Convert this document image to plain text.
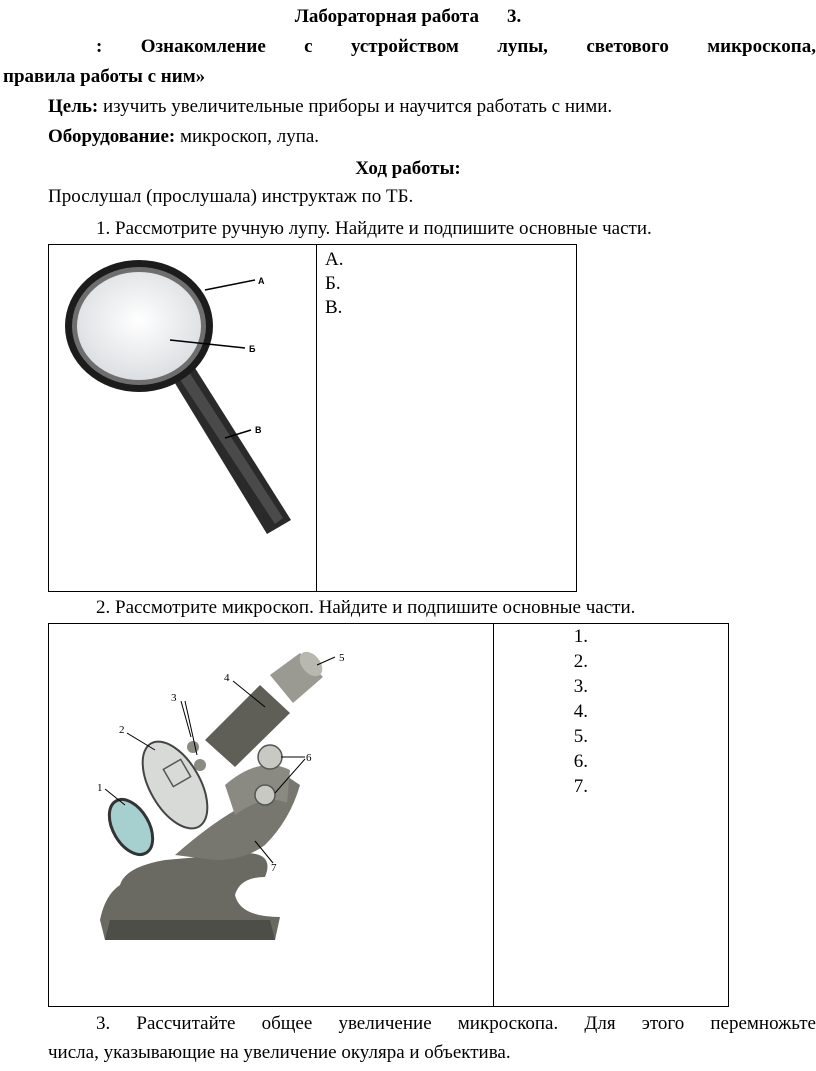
Лабораторная работа 3.
: Ознакомление с устройством лупы, светового микроскопа,
правила работы с ним»
Цель: изучить увеличительные приборы и научится работать с ними.
Оборудование: микроскоп, лупа.
Ход работы:
Прослушал (прослушала) инструктаж по ТБ.
1. Рассмотрите ручную лупу. Найдите и подпишите основные части.
А.
Б.
В.
А
Б
В
2. Рассмотрите микроскоп. Найдите и подпишите основные части.
1.
2.
3.
4.
5.
6.
7.
1
2
3
4
5
6
7
3. Рассчитайте общее увеличение микроскопа. Для этого перемножьте
числа, указывающие на увеличение окуляра и объектива.
